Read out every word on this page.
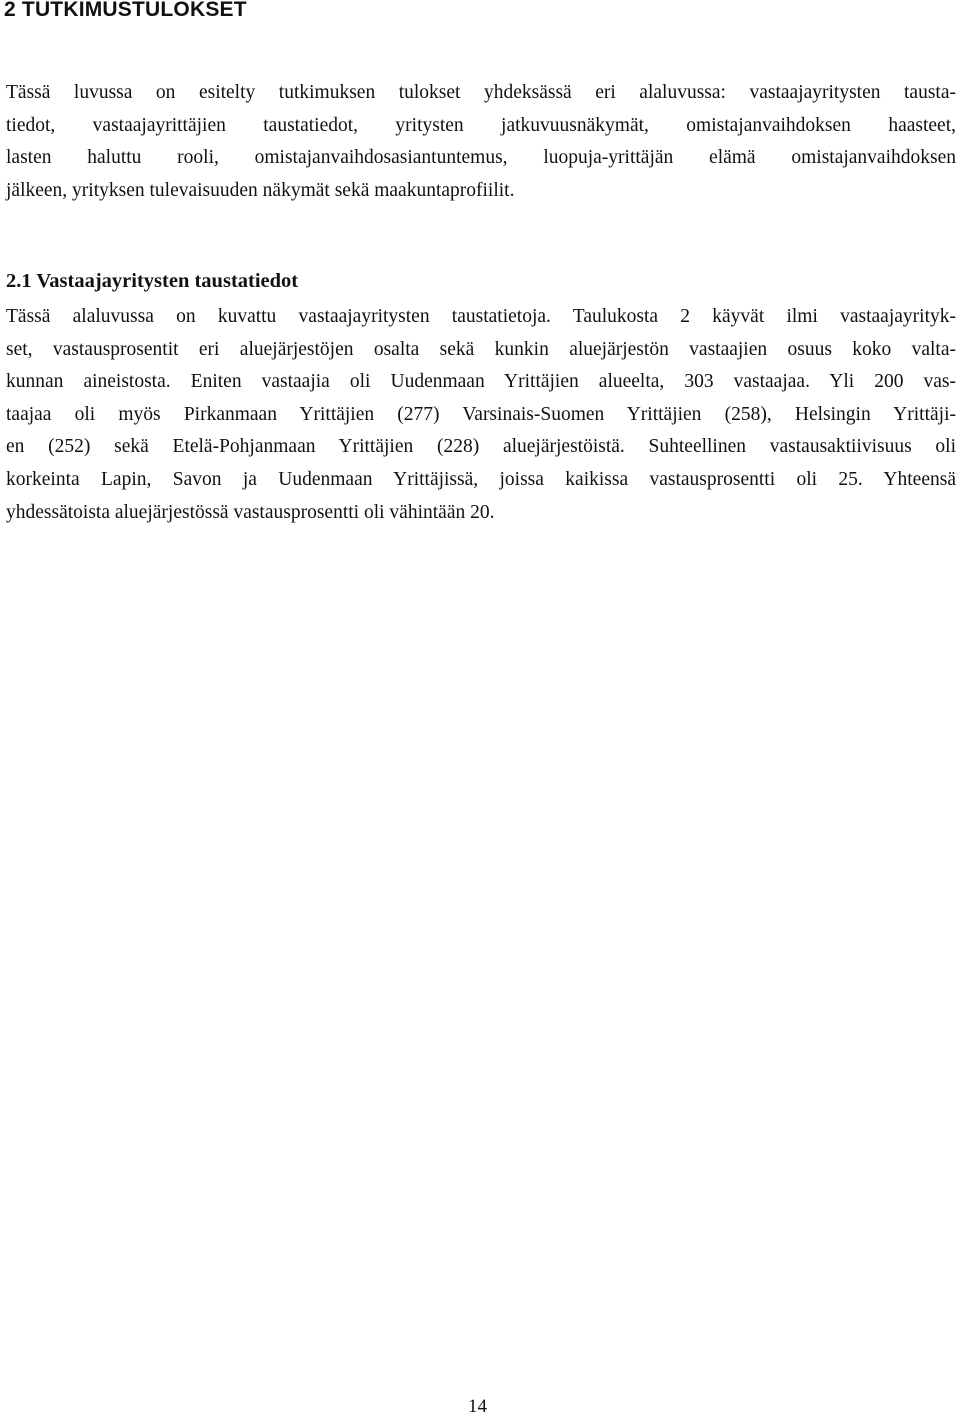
2 TUTKIMUSTULOKSET

Tässä luvussa on esitelty tutkimuksen tulokset yhdeksässä eri alaluvussa: vastaajayritysten tausta-
tiedot, vastaajayrittäjien taustatiedot, yritysten jatkuvuusnäkymät, omistajanvaihdoksen haasteet,
lasten haluttu rooli, omistajanvaihdosasiantuntemus, luopuja-yrittäjän elämä omistajanvaihdoksen
jälkeen, yrityksen tulevaisuuden näkymät sekä maakuntaprofiilit.

2.1 Vastaajayritysten taustatiedot

Tässä alaluvussa on kuvattu vastaajayritysten taustatietoja. Taulukosta 2 käyvät ilmi vastaajayrityk-
set, vastausprosentit eri aluejärjestöjen osalta sekä kunkin aluejärjestön vastaajien osuus koko valta-
kunnan aineistosta. Eniten vastaajia oli Uudenmaan Yrittäjien alueelta, 303 vastaajaa. Yli 200 vas-
taajaa oli myös Pirkanmaan Yrittäjien (277) Varsinais-Suomen Yrittäjien (258), Helsingin Yrittäji-
en (252) sekä Etelä-Pohjanmaan Yrittäjien (228) aluejärjestöistä. Suhteellinen vastausaktiivisuus oli
korkeinta Lapin, Savon ja Uudenmaan Yrittäjissä, joissa kaikissa vastausprosentti oli 25. Yhteensä
yhdessätoista aluejärjestössä vastausprosentti oli vähintään 20.

14
